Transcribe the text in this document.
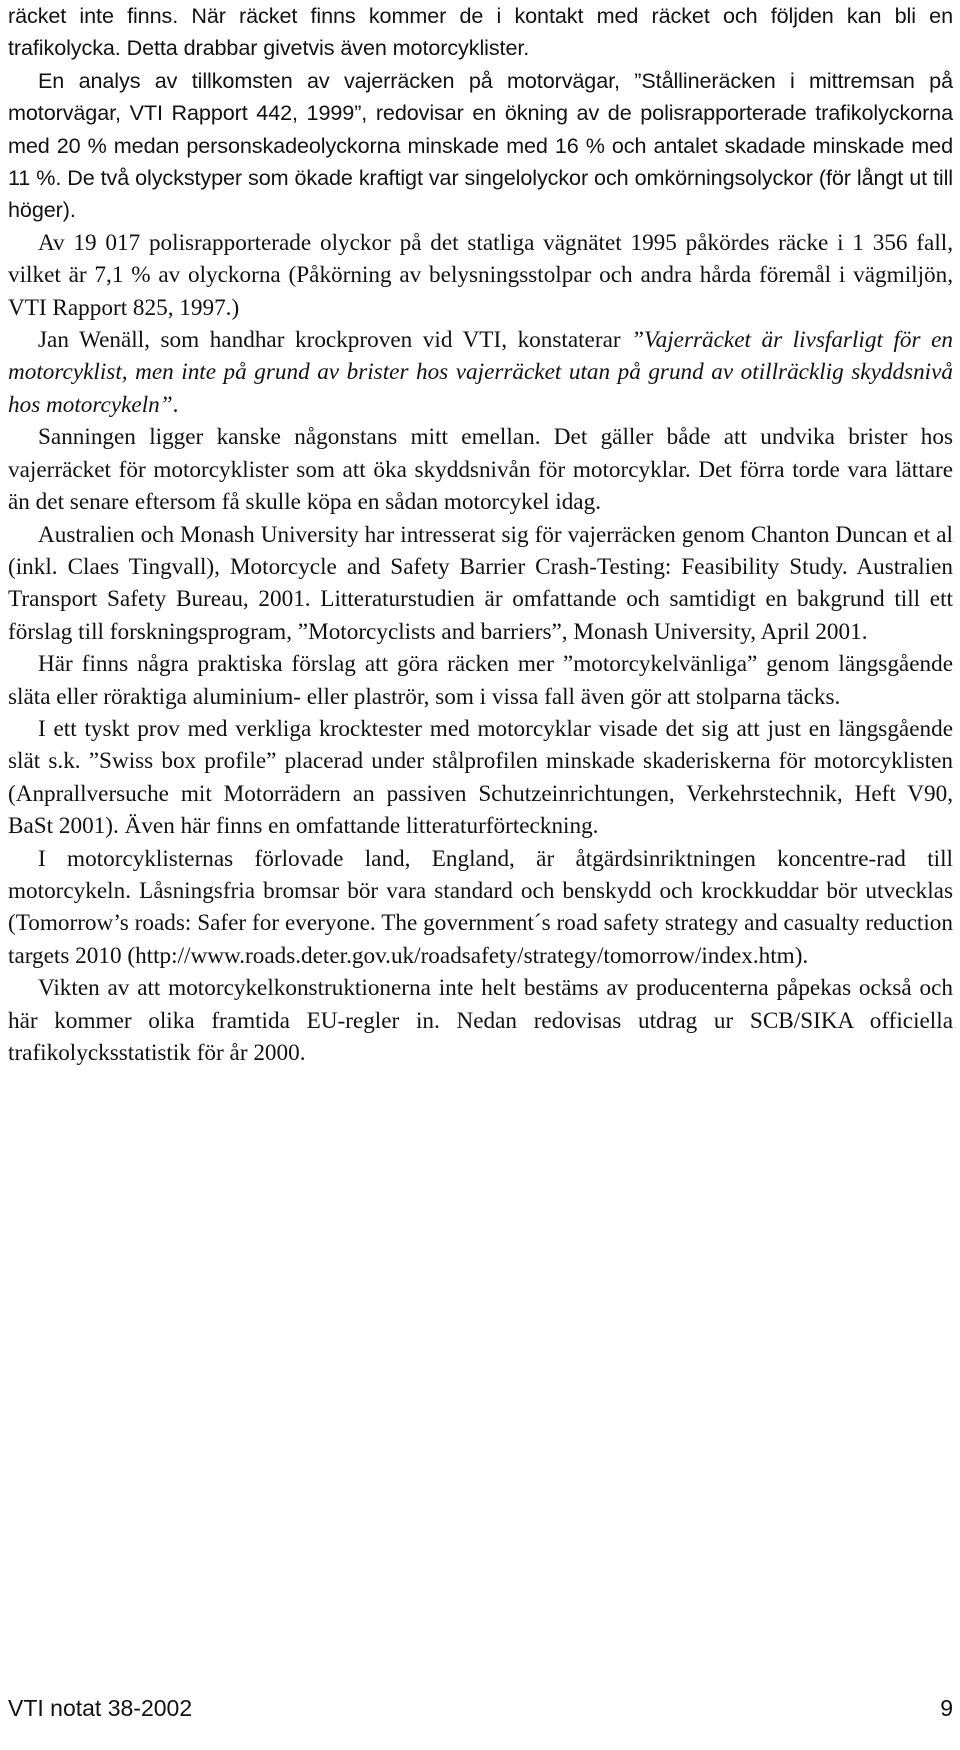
räcket inte finns. När räcket finns kommer de i kontakt med räcket och följden kan bli en trafikolycka. Detta drabbar givetvis även motorcyklister.

En analys av tillkomsten av vajerräcken på motorvägar, ”Stållineräcken i mittremsan på motorvägar, VTI Rapport 442, 1999”, redovisar en ökning av de polisrapporterade trafikolyckorna med 20 % medan personskadeolyckorna minskade med 16 % och antalet skadade minskade med 11 %. De två olyckstyper som ökade kraftigt var singelolyckor och omkörningsolyckor (för långt ut till höger).

Av 19 017 polisrapporterade olyckor på det statliga vägnätet 1995 påkördes räcke i 1 356 fall, vilket är 7,1 % av olyckorna (Påkörning av belysningsstolpar och andra hårda föremål i vägmiljön, VTI Rapport 825, 1997.)

Jan Wenäll, som handhar krockproven vid VTI, konstaterar ”Vajerräcket är livsfarligt för en motorcyklist, men inte på grund av brister hos vajerräcket utan på grund av otillräcklig skyddsnivå hos motorcykeln”.

Sanningen ligger kanske någonstans mitt emellan. Det gäller både att undvika brister hos vajerräcket för motorcyklister som att öka skyddsnivån för motorcyklar. Det förra torde vara lättare än det senare eftersom få skulle köpa en sådan motorcykel idag.

Australien och Monash University har intresserat sig för vajerräcken genom Chanton Duncan et al (inkl. Claes Tingvall), Motorcycle and Safety Barrier Crash-Testing: Feasibility Study. Australien Transport Safety Bureau, 2001. Litteraturstudien är omfattande och samtidigt en bakgrund till ett förslag till forskningsprogram, ”Motorcyclists and barriers”, Monash University, April 2001.

Här finns några praktiska förslag att göra räcken mer ”motorcykelvänliga” genom längsgående släta eller röraktiga aluminium- eller plaströr, som i vissa fall även gör att stolparna täcks.

I ett tyskt prov med verkliga krocktester med motorcyklar visade det sig att just en längsgående slät s.k. ”Swiss box profile” placerad under stålprofilen minskade skaderiskerna för motorcyklisten (Anprallversuche mit Motorrädern an passiven Schutzeinrichtungen, Verkehrstechnik, Heft V90, BaSt 2001). Även här finns en omfattande litteraturförteckning.

I motorcyklisternas förlovade land, England, är åtgärdsinriktningen koncentre-rad till motorcykeln. Låsningsfria bromsar bör vara standard och benskydd och krockkuddar bör utvecklas (Tomorrow’s roads: Safer for everyone. The government´s road safety strategy and casualty reduction targets 2010 (http://www.roads.deter.gov.uk/roadsafety/strategy/tomorrow/index.htm).

Vikten av att motorcykelkonstruktionerna inte helt bestäms av producenterna påpekas också och här kommer olika framtida EU-regler in. Nedan redovisas utdrag ur SCB/SIKA officiella trafikolycksstatistik för år 2000.

VTI notat 38-2002	9
